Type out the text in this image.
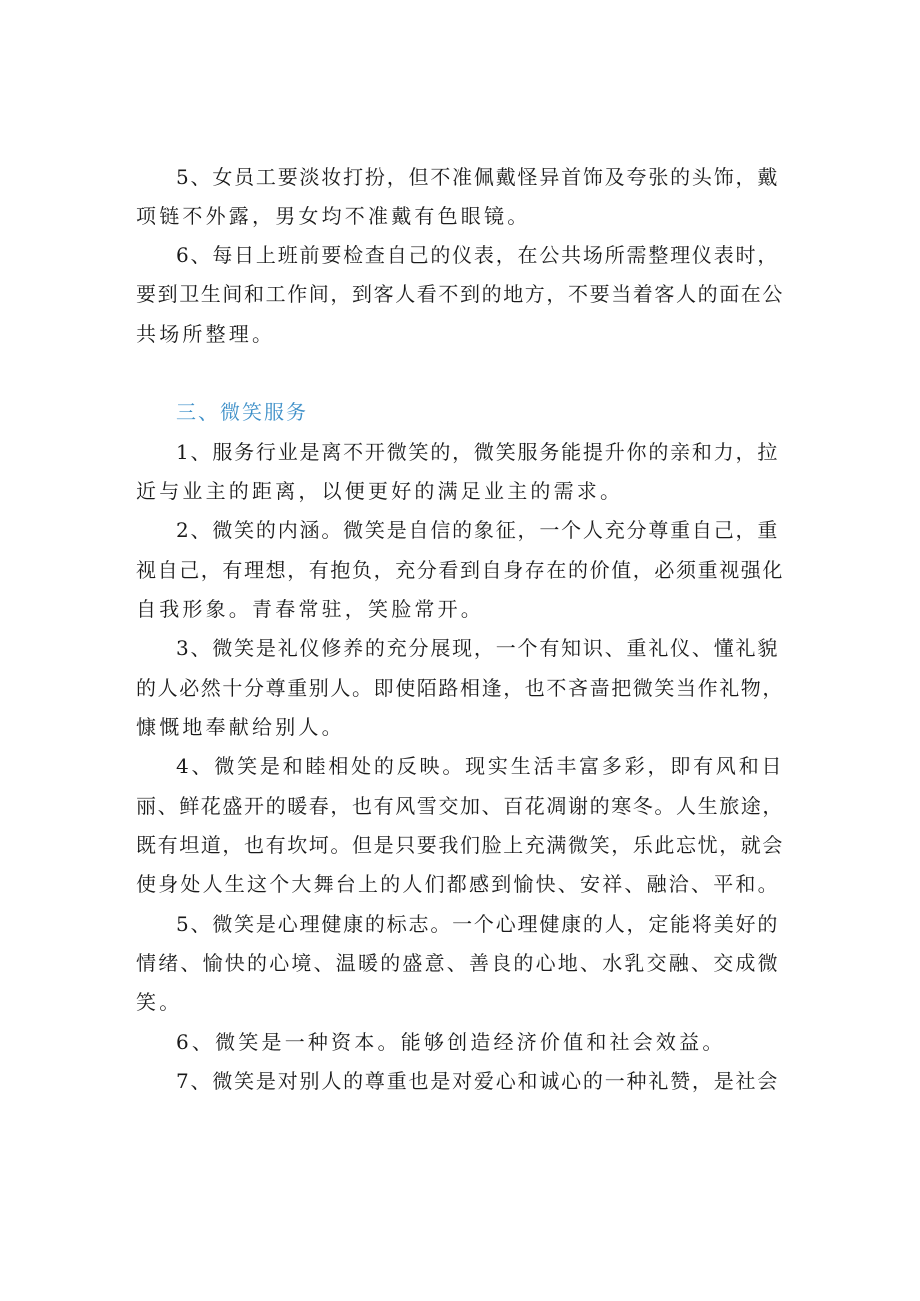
5、女员工要淡妆打扮，但不准佩戴怪异首饰及夸张的头饰，戴
项链不外露，男女均不准戴有色眼镜。
6、每日上班前要检查自己的仪表，在公共场所需整理仪表时，
要到卫生间和工作间，到客人看不到的地方，不要当着客人的面在公
共场所整理。
三、微笑服务
1、服务行业是离不开微笑的，微笑服务能提升你的亲和力，拉
近与业主的距离，以便更好的满足业主的需求。
2、微笑的内涵。微笑是自信的象征，一个人充分尊重自己，重
视自己，有理想，有抱负，充分看到自身存在的价值，必须重视强化
自我形象。青春常驻，笑脸常开。
3、微笑是礼仪修养的充分展现，一个有知识、重礼仪、懂礼貌
的人必然十分尊重别人。即使陌路相逢，也不吝啬把微笑当作礼物，
慷慨地奉献给别人。
4、微笑是和睦相处的反映。现实生活丰富多彩，即有风和日
丽、鲜花盛开的暖春，也有风雪交加、百花凋谢的寒冬。人生旅途，
既有坦道，也有坎坷。但是只要我们脸上充满微笑，乐此忘忧，就会
使身处人生这个大舞台上的人们都感到愉快、安祥、融洽、平和。
5、微笑是心理健康的标志。一个心理健康的人，定能将美好的
情绪、愉快的心境、温暖的盛意、善良的心地、水乳交融、交成微
笑。
6、微笑是一种资本。能够创造经济价值和社会效益。
7、微笑是对别人的尊重也是对爱心和诚心的一种礼赞，是社会
